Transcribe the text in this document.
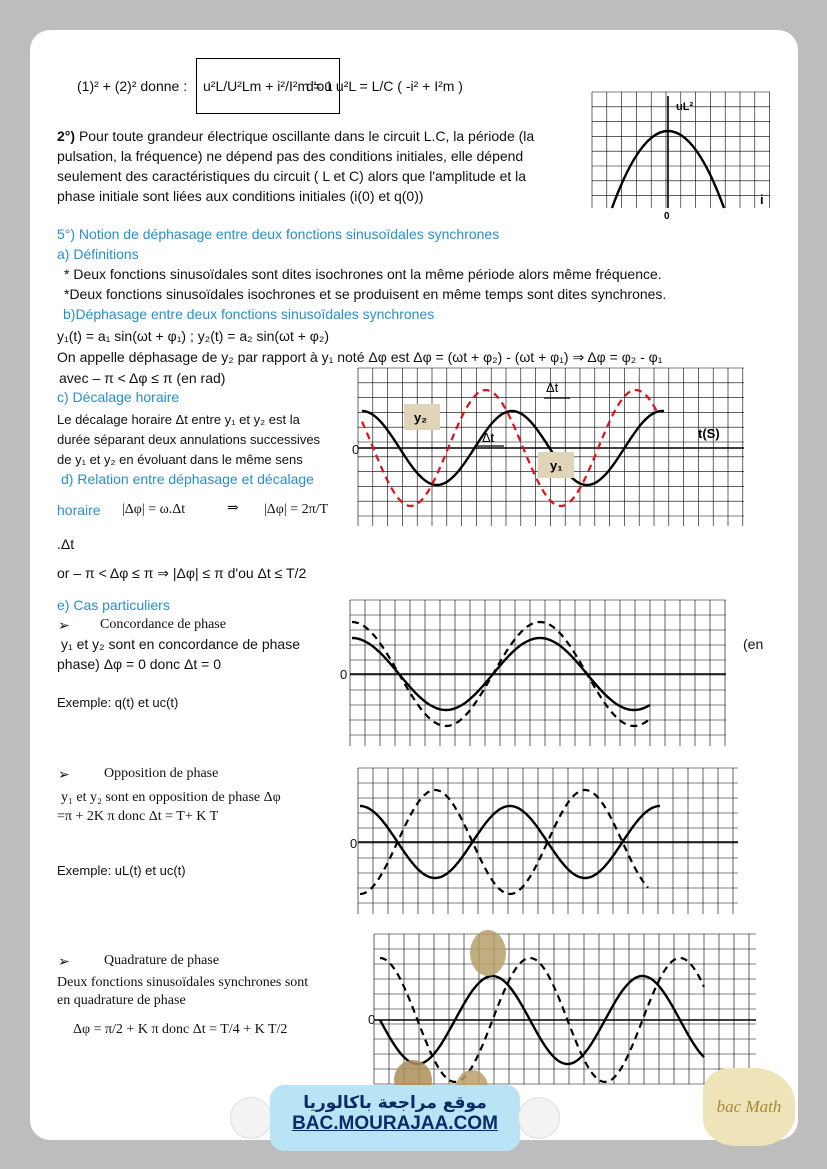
(1)² + (2)² donne :	u²L/U²Lm + i²/I²m = 1
d'ou u²L = L/C ( -i² + I²m )
uL²
i
0
2°) Pour toute grandeur électrique oscillante dans le circuit L.C, la période (la pulsation, la fréquence) ne dépend pas des conditions initiales, elle dépend seulement des caractéristiques du circuit ( L et C) alors que l'amplitude et la phase initiale sont liées aux conditions initiales (i(0) et q(0))
5°) Notion de déphasage entre deux fonctions sinusoïdales synchrones
a) Définitions
* Deux fonctions sinusoïdales sont dites isochrones ont la même période alors même fréquence.
*Deux fonctions sinusoïdales isochrones et se produisent en même temps sont dites synchrones.
b)Déphasage entre deux fonctions sinusoïdales synchrones
y₁(t) = a₁ sin(ωt + φ₁) ; y₂(t) = a₂ sin(ωt + φ₂)
On appelle déphasage de y₂ par rapport à y₁ noté Δφ est Δφ = (ωt + φ₂) - (ωt + φ₁) ⇒ Δφ = φ₂ - φ₁
avec – π < Δφ ≤ π (en rad)
c) Décalage horaire
Le décalage horaire Δt entre y₁ et y₂ est la
durée séparant deux annulations successives
de y₁ et y₂ en évoluant dans le même sens
d) Relation entre déphasage et décalage
horaire |Δφ| = ω.Δt	⇒ |Δφ| = 2π/T
.Δt
or – π < Δφ ≤ π ⇒ |Δφ| ≤ π d'ou Δt ≤ T/2
y₂
y₁
Δt
Δt	t(S)
0
e) Cas particuliers
➢ Concordance de phase
y₁ et y₂ sont en concordance de phase	(en
phase) Δφ = 0 donc Δt = 0
Exemple: q(t) et uc(t)
0
➢ Opposition de phase
y₁ et y₂ sont en opposition de phase Δφ
=π + 2K π donc Δt = T+ K T
Exemple: uL(t) et uc(t)
0
➢ Quadrature de phase
Deux fonctions sinusoïdales synchrones sont
en quadrature de phase
Δφ = π/2 + K π donc Δt = T/4 + K T/2
0
موقع مراجعة باكالوريا
BAC.MOURAJAA.COM
bac Math
